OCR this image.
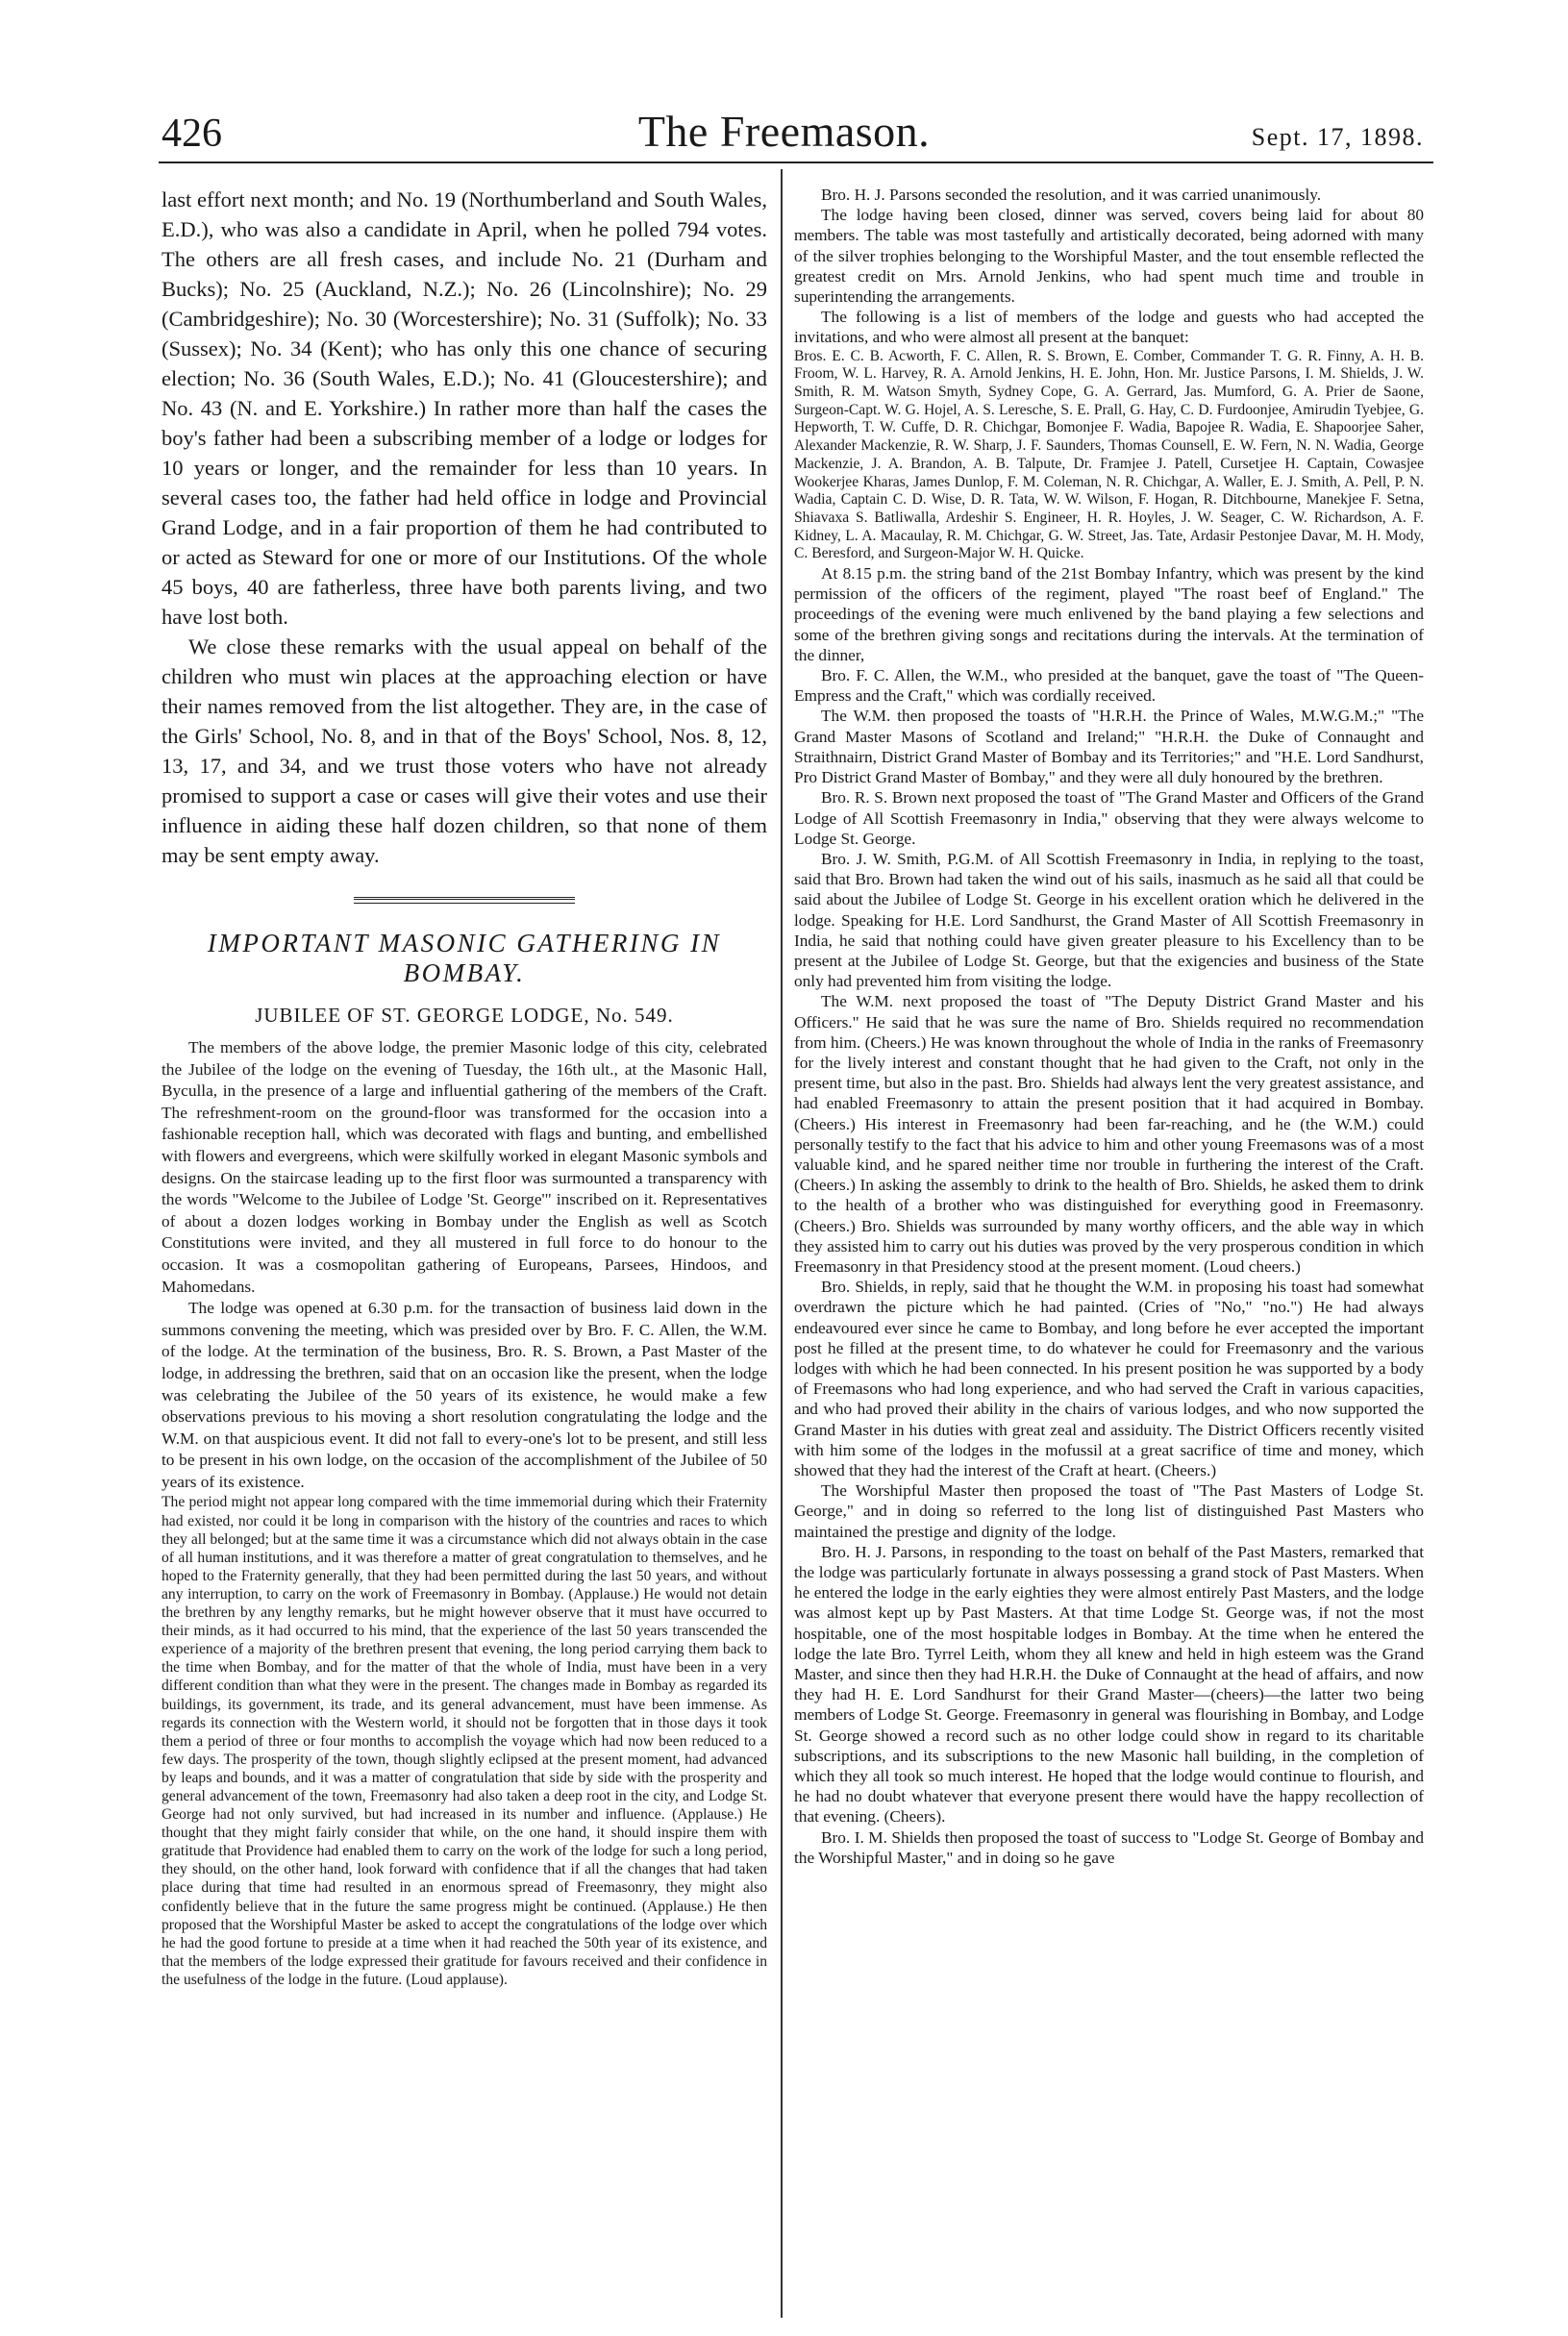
426	The Freemason.	Sept. 17, 1898.

last effort next month; and No. 19 (Northumberland and South Wales, E.D.), who was also a candidate in April, when he polled 794 votes. The others are all fresh cases, and include No. 21 (Durham and Bucks); No. 25 (Auckland, N.Z.); No. 26 (Lincolnshire); No. 29 (Cambridgeshire); No. 30 (Worcestershire); No. 31 (Suffolk); No. 33 (Sussex); No. 34 (Kent); who has only this one chance of securing election; No. 36 (South Wales, E.D.); No. 41 (Gloucestershire); and No. 43 (N. and E. Yorkshire.) In rather more than half the cases the boy's father had been a subscribing member of a lodge or lodges for 10 years or longer, and the remainder for less than 10 years. In several cases too, the father had held office in lodge and Provincial Grand Lodge, and in a fair proportion of them he had contributed to or acted as Steward for one or more of our Institutions. Of the whole 45 boys, 40 are fatherless, three have both parents living, and two have lost both.

We close these remarks with the usual appeal on behalf of the children who must win places at the approaching election or have their names removed from the list altogether. They are, in the case of the Girls' School, No. 8, and in that of the Boys' School, Nos. 8, 12, 13, 17, and 34, and we trust those voters who have not already promised to support a case or cases will give their votes and use their influence in aiding these half dozen children, so that none of them may be sent empty away.

IMPORTANT MASONIC GATHERING IN BOMBAY.
JUBILEE OF ST. GEORGE LODGE, No. 549.

The members of the above lodge, the premier Masonic lodge of this city, celebrated the Jubilee of the lodge on the evening of Tuesday, the 16th ult., at the Masonic Hall, Byculla, in the presence of a large and influential gathering of the members of the Craft. The refreshment-room on the ground-floor was transformed for the occasion into a fashionable reception hall, which was decorated with flags and bunting, and embellished with flowers and evergreens, which were skilfully worked in elegant Masonic symbols and designs. On the staircase leading up to the first floor was surmounted a transparency with the words "Welcome to the Jubilee of Lodge 'St. George'" inscribed on it. Representatives of about a dozen lodges working in Bombay under the English as well as Scotch Constitutions were invited, and they all mustered in full force to do honour to the occasion. It was a cosmopolitan gathering of Europeans, Parsees, Hindoos, and Mahomedans.

The lodge was opened at 6.30 p.m. for the transaction of business laid down in the summons convening the meeting, which was presided over by Bro. F. C. Allen, the W.M. of the lodge. At the termination of the business, Bro. R. S. Brown, a Past Master of the lodge, in addressing the brethren, said that on an occasion like the present, when the lodge was celebrating the Jubilee of the 50 years of its existence, he would make a few observations previous to his moving a short resolution congratulating the lodge and the W.M. on that auspicious event. It did not fall to every-one's lot to be present, and still less to be present in his own lodge, on the occasion of the accomplishment of the Jubilee of 50 years of its existence.

The period might not appear long compared with the time immemorial during which their Fraternity had existed, nor could it be long in comparison with the history of the countries and races to which they all belonged; but at the same time it was a circumstance which did not always obtain in the case of all human institutions, and it was therefore a matter of great congratulation to themselves, and he hoped to the Fraternity generally, that they had been permitted during the last 50 years, and without any interruption, to carry on the work of Freemasonry in Bombay. (Applause.) He would not detain the brethren by any lengthy remarks, but he might however observe that it must have occurred to their minds, as it had occurred to his mind, that the experience of the last 50 years transcended the experience of a majority of the brethren present that evening, the long period carrying them back to the time when Bombay, and for the matter of that the whole of India, must have been in a very different condition than what they were in the present. The changes made in Bombay as regarded its buildings, its government, its trade, and its general advancement, must have been immense. As regards its connection with the Western world, it should not be forgotten that in those days it took them a period of three or four months to accomplish the voyage which had now been reduced to a few days. The prosperity of the town, though slightly eclipsed at the present moment, had advanced by leaps and bounds, and it was a matter of congratulation that side by side with the prosperity and general advancement of the town, Freemasonry had also taken a deep root in the city, and Lodge St. George had not only survived, but had increased in its number and influence. (Applause.) He thought that they might fairly consider that while, on the one hand, it should inspire them with gratitude that Providence had enabled them to carry on the work of the lodge for such a long period, they should, on the other hand, look forward with confidence that if all the changes that had taken place during that time had resulted in an enormous spread of Freemasonry, they might also confidently believe that in the future the same progress might be continued. (Applause.) He then proposed that the Worshipful Master be asked to accept the congratulations of the lodge over which he had the good fortune to preside at a time when it had reached the 50th year of its existence, and that the members of the lodge expressed their gratitude for favours received and their confidence in the usefulness of the lodge in the future. (Loud applause).

Bro. H. J. Parsons seconded the resolution, and it was carried unanimously.

The lodge having been closed, dinner was served, covers being laid for about 80 members. The table was most tastefully and artistically decorated, being adorned with many of the silver trophies belonging to the Worshipful Master, and the tout ensemble reflected the greatest credit on Mrs. Arnold Jenkins, who had spent much time and trouble in superintending the arrangements.

The following is a list of members of the lodge and guests who had accepted the invitations, and who were almost all present at the banquet:

Bros. E. C. B. Acworth, F. C. Allen, R. S. Brown, E. Comber, Commander T. G. R. Finny, A. H. B. Froom, W. L. Harvey, R. A. Arnold Jenkins, H. E. John, Hon. Mr. Justice Parsons, I. M. Shields, J. W. Smith, R. M. Watson Smyth, Sydney Cope, G. A. Gerrard, Jas. Mumford, G. A. Prier de Saone, Surgeon-Capt. W. G. Hojel, A. S. Leresche, S. E. Prall, G. Hay, C. D. Furdoonjee, Amirudin Tyebjee, G. Hepworth, T. W. Cuffe, D. R. Chichgar, Bomonjee F. Wadia, Bapojee R. Wadia, E. Shapoorjee Saher, Alexander Mackenzie, R. W. Sharp, J. F. Saunders, Thomas Counsell, E. W. Fern, N. N. Wadia, George Mackenzie, J. A. Brandon, A. B. Talpute, Dr. Framjee J. Patell, Cursetjee H. Captain, Cowasjee Wookerjee Kharas, James Dunlop, F. M. Coleman, N. R. Chichgar, A. Waller, E. J. Smith, A. Pell, P. N. Wadia, Captain C. D. Wise, D. R. Tata, W. W. Wilson, F. Hogan, R. Ditchbourne, Manekjee F. Setna, Shiavaxa S. Batliwalla, Ardeshir S. Engineer, H. R. Hoyles, J. W. Seager, C. W. Richardson, A. F. Kidney, L. A. Macaulay, R. M. Chichgar, G. W. Street, Jas. Tate, Ardasir Pestonjee Davar, M. H. Mody, C. Beresford, and Surgeon-Major W. H. Quicke.

At 8.15 p.m. the string band of the 21st Bombay Infantry, which was present by the kind permission of the officers of the regiment, played "The roast beef of England." The proceedings of the evening were much enlivened by the band playing a few selections and some of the brethren giving songs and recitations during the intervals. At the termination of the dinner,

Bro. F. C. Allen, the W.M., who presided at the banquet, gave the toast of "The Queen-Empress and the Craft," which was cordially received.

The W.M. then proposed the toasts of "H.R.H. the Prince of Wales, M.W.G.M.;" "The Grand Master Masons of Scotland and Ireland;" "H.R.H. the Duke of Connaught and Straithnairn, District Grand Master of Bombay and its Territories;" and "H.E. Lord Sandhurst, Pro District Grand Master of Bombay," and they were all duly honoured by the brethren.

Bro. R. S. Brown next proposed the toast of "The Grand Master and Officers of the Grand Lodge of All Scottish Freemasonry in India," observing that they were always welcome to Lodge St. George.

Bro. J. W. Smith, P.G.M. of All Scottish Freemasonry in India, in replying to the toast, said that Bro. Brown had taken the wind out of his sails, inasmuch as he said all that could be said about the Jubilee of Lodge St. George in his excellent oration which he delivered in the lodge. Speaking for H.E. Lord Sandhurst, the Grand Master of All Scottish Freemasonry in India, he said that nothing could have given greater pleasure to his Excellency than to be present at the Jubilee of Lodge St. George, but that the exigencies and business of the State only had prevented him from visiting the lodge.

The W.M. next proposed the toast of "The Deputy District Grand Master and his Officers." He said that he was sure the name of Bro. Shields required no recommendation from him. (Cheers.) He was known throughout the whole of India in the ranks of Freemasonry for the lively interest and constant thought that he had given to the Craft, not only in the present time, but also in the past. Bro. Shields had always lent the very greatest assistance, and had enabled Freemasonry to attain the present position that it had acquired in Bombay. (Cheers.) His interest in Freemasonry had been far-reaching, and he (the W.M.) could personally testify to the fact that his advice to him and other young Freemasons was of a most valuable kind, and he spared neither time nor trouble in furthering the interest of the Craft. (Cheers.) In asking the assembly to drink to the health of Bro. Shields, he asked them to drink to the health of a brother who was distinguished for everything good in Freemasonry. (Cheers.) Bro. Shields was surrounded by many worthy officers, and the able way in which they assisted him to carry out his duties was proved by the very prosperous condition in which Freemasonry in that Presidency stood at the present moment. (Loud cheers.)

Bro. Shields, in reply, said that he thought the W.M. in proposing his toast had somewhat overdrawn the picture which he had painted. (Cries of "No," "no.") He had always endeavoured ever since he came to Bombay, and long before he ever accepted the important post he filled at the present time, to do whatever he could for Freemasonry and the various lodges with which he had been connected. In his present position he was supported by a body of Freemasons who had long experience, and who had served the Craft in various capacities, and who had proved their ability in the chairs of various lodges, and who now supported the Grand Master in his duties with great zeal and assiduity. The District Officers recently visited with him some of the lodges in the mofussil at a great sacrifice of time and money, which showed that they had the interest of the Craft at heart. (Cheers.)

The Worshipful Master then proposed the toast of "The Past Masters of Lodge St. George," and in doing so referred to the long list of distinguished Past Masters who maintained the prestige and dignity of the lodge.

Bro. H. J. Parsons, in responding to the toast on behalf of the Past Masters, remarked that the lodge was particularly fortunate in always possessing a grand stock of Past Masters. When he entered the lodge in the early eighties they were almost entirely Past Masters, and the lodge was almost kept up by Past Masters. At that time Lodge St. George was, if not the most hospitable, one of the most hospitable lodges in Bombay. At the time when he entered the lodge the late Bro. Tyrrel Leith, whom they all knew and held in high esteem was the Grand Master, and since then they had H.R.H. the Duke of Connaught at the head of affairs, and now they had H. E. Lord Sandhurst for their Grand Master—(cheers)—the latter two being members of Lodge St. George. Freemasonry in general was flourishing in Bombay, and Lodge St. George showed a record such as no other lodge could show in regard to its charitable subscriptions, and its subscriptions to the new Masonic hall building, in the completion of which they all took so much interest. He hoped that the lodge would continue to flourish, and he had no doubt whatever that everyone present there would have the happy recollection of that evening. (Cheers).

Bro. I. M. Shields then proposed the toast of success to "Lodge St. George of Bombay and the Worshipful Master," and in doing so he gave
